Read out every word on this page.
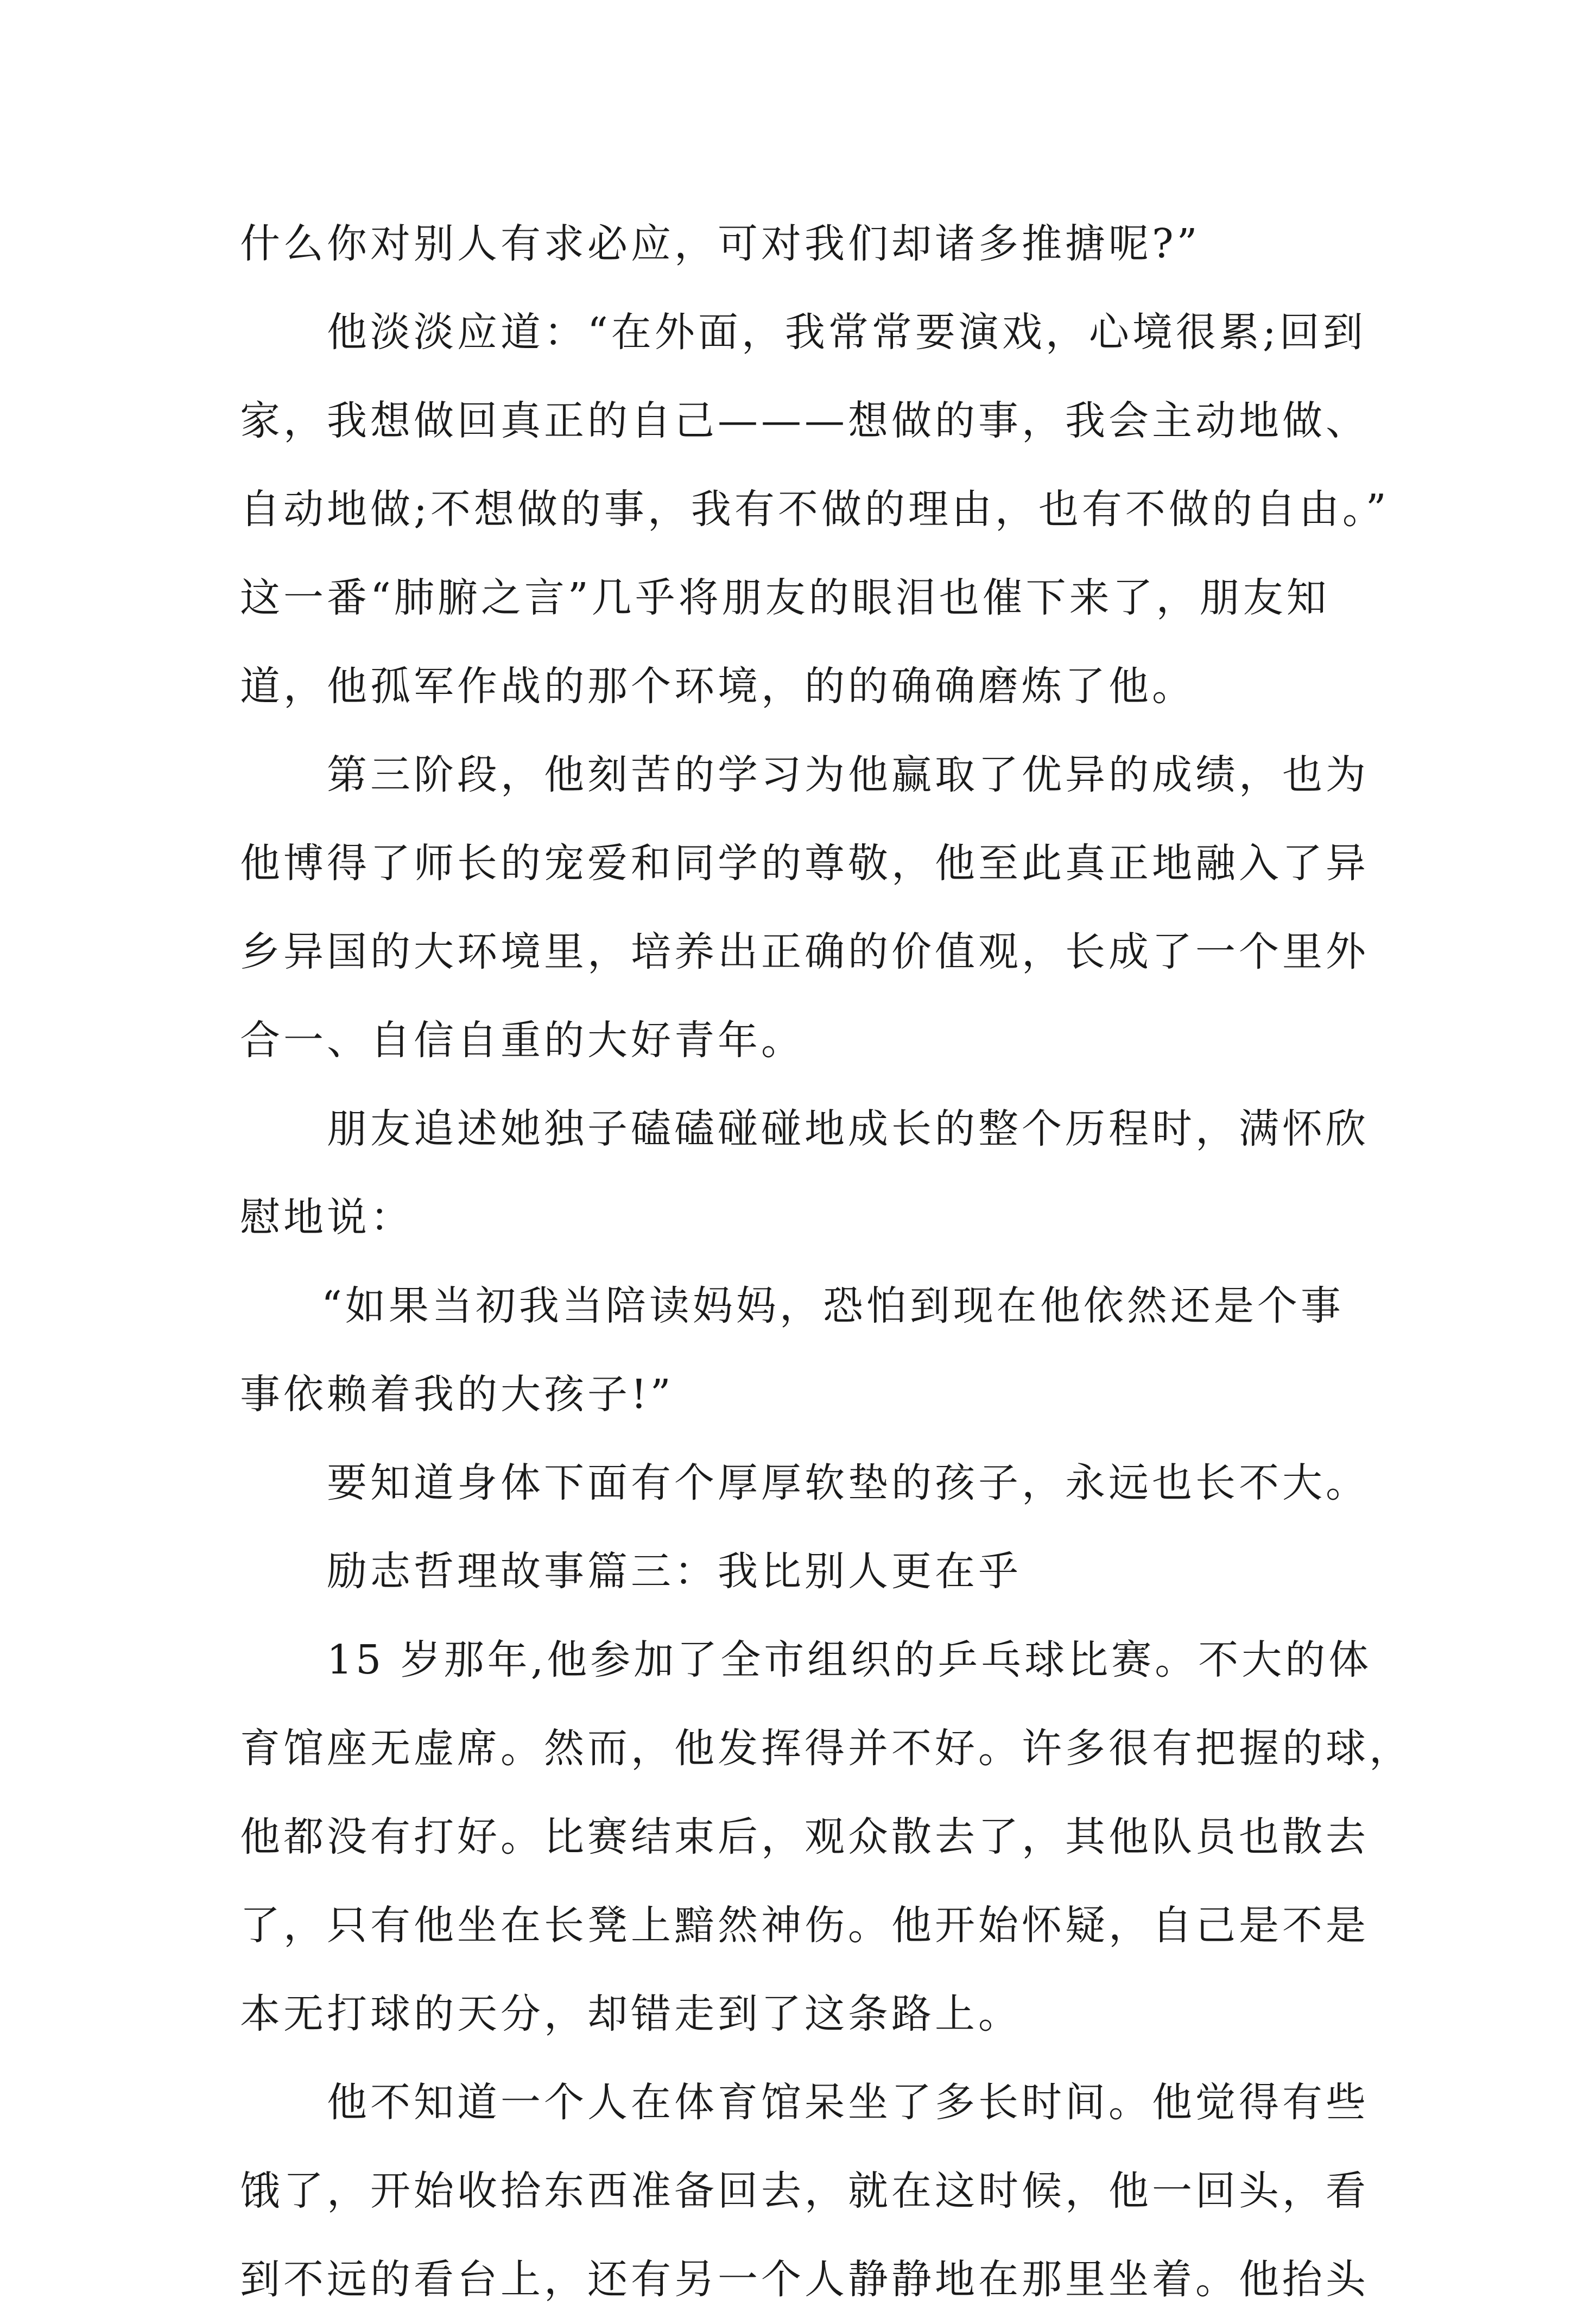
什么你对别人有求必应，可对我们却诸多推搪呢?”
他淡淡应道：“在外面，我常常要演戏，心境很累;回到
家，我想做回真正的自己———想做的事，我会主动地做、
自动地做;不想做的事，我有不做的理由，也有不做的自由。”
这一番“肺腑之言”几乎将朋友的眼泪也催下来了，朋友知
道，他孤军作战的那个环境，的的确确磨炼了他。
第三阶段，他刻苦的学习为他赢取了优异的成绩，也为
他博得了师长的宠爱和同学的尊敬，他至此真正地融入了异
乡异国的大环境里，培养出正确的价值观，长成了一个里外
合一、自信自重的大好青年。
朋友追述她独子磕磕碰碰地成长的整个历程时，满怀欣
慰地说：
“如果当初我当陪读妈妈，恐怕到现在他依然还是个事
事依赖着我的大孩子!”
要知道身体下面有个厚厚软垫的孩子，永远也长不大。
励志哲理故事篇三：我比别人更在乎
15 岁那年,他参加了全市组织的乒乓球比赛。不大的体
育馆座无虚席。然而，他发挥得并不好。许多很有把握的球，
他都没有打好。比赛结束后，观众散去了，其他队员也散去
了，只有他坐在长凳上黯然神伤。他开始怀疑，自己是不是
本无打球的天分，却错走到了这条路上。
他不知道一个人在体育馆呆坐了多长时间。他觉得有些
饿了，开始收拾东西准备回去，就在这时候，他一回头，看
到不远的看台上，还有另一个人静静地在那里坐着。他抬头
